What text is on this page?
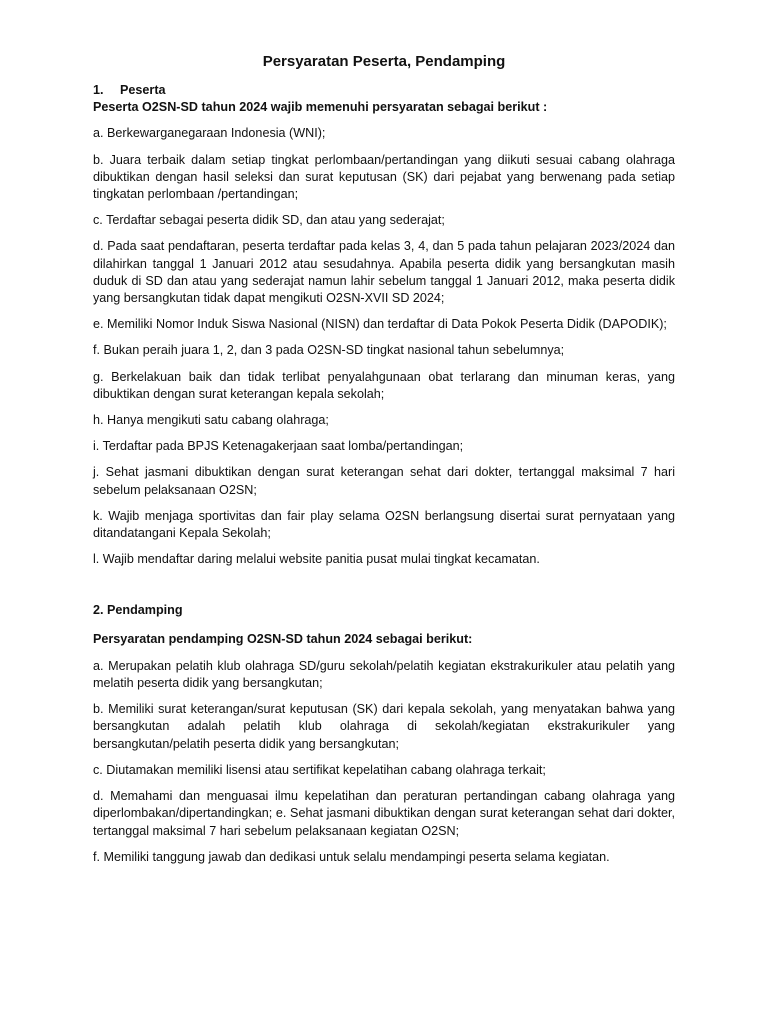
Persyaratan Peserta, Pendamping

1. Peserta

Peserta O2SN-SD tahun 2024 wajib memenuhi persyaratan sebagai berikut :

a. Berkewarganegaraan Indonesia (WNI);

b. Juara terbaik dalam setiap tingkat perlombaan/pertandingan yang diikuti sesuai cabang olahraga dibuktikan dengan hasil seleksi dan surat keputusan (SK) dari pejabat yang berwenang pada setiap tingkatan perlombaan /pertandingan;

c. Terdaftar sebagai peserta didik SD, dan atau yang sederajat;

d. Pada saat pendaftaran, peserta terdaftar pada kelas 3, 4, dan 5 pada tahun pelajaran 2023/2024 dan dilahirkan tanggal 1 Januari 2012 atau sesudahnya. Apabila peserta didik yang bersangkutan masih duduk di SD dan atau yang sederajat namun lahir sebelum tanggal 1 Januari 2012, maka peserta didik yang bersangkutan tidak dapat mengikuti O2SN-XVII SD 2024;

e. Memiliki Nomor Induk Siswa Nasional (NISN) dan terdaftar di Data Pokok Peserta Didik (DAPODIK);

f. Bukan peraih juara 1, 2, dan 3 pada O2SN-SD tingkat nasional tahun sebelumnya;

g. Berkelakuan baik dan tidak terlibat penyalahgunaan obat terlarang dan minuman keras, yang dibuktikan dengan surat keterangan kepala sekolah;

h. Hanya mengikuti satu cabang olahraga;

i. Terdaftar pada BPJS Ketenagakerjaan saat lomba/pertandingan;

j. Sehat jasmani dibuktikan dengan surat keterangan sehat dari dokter, tertanggal maksimal 7 hari sebelum pelaksanaan O2SN;

k. Wajib menjaga sportivitas dan fair play selama O2SN berlangsung disertai surat pernyataan yang ditandatangani Kepala Sekolah;

l. Wajib mendaftar daring melalui website panitia pusat mulai tingkat kecamatan.

2. Pendamping

Persyaratan pendamping O2SN-SD tahun 2024 sebagai berikut:

a. Merupakan pelatih klub olahraga SD/guru sekolah/pelatih kegiatan ekstrakurikuler atau pelatih yang melatih peserta didik yang bersangkutan;

b. Memiliki surat keterangan/surat keputusan (SK) dari kepala sekolah, yang menyatakan bahwa yang bersangkutan adalah pelatih klub olahraga di sekolah/kegiatan ekstrakurikuler yang bersangkutan/pelatih peserta didik yang bersangkutan;

c. Diutamakan memiliki lisensi atau sertifikat kepelatihan cabang olahraga terkait;

d. Memahami dan menguasai ilmu kepelatihan dan peraturan pertandingan cabang olahraga yang diperlombakan/dipertandingkan; e. Sehat jasmani dibuktikan dengan surat keterangan sehat dari dokter, tertanggal maksimal 7 hari sebelum pelaksanaan kegiatan O2SN;

f. Memiliki tanggung jawab dan dedikasi untuk selalu mendampingi peserta selama kegiatan.
